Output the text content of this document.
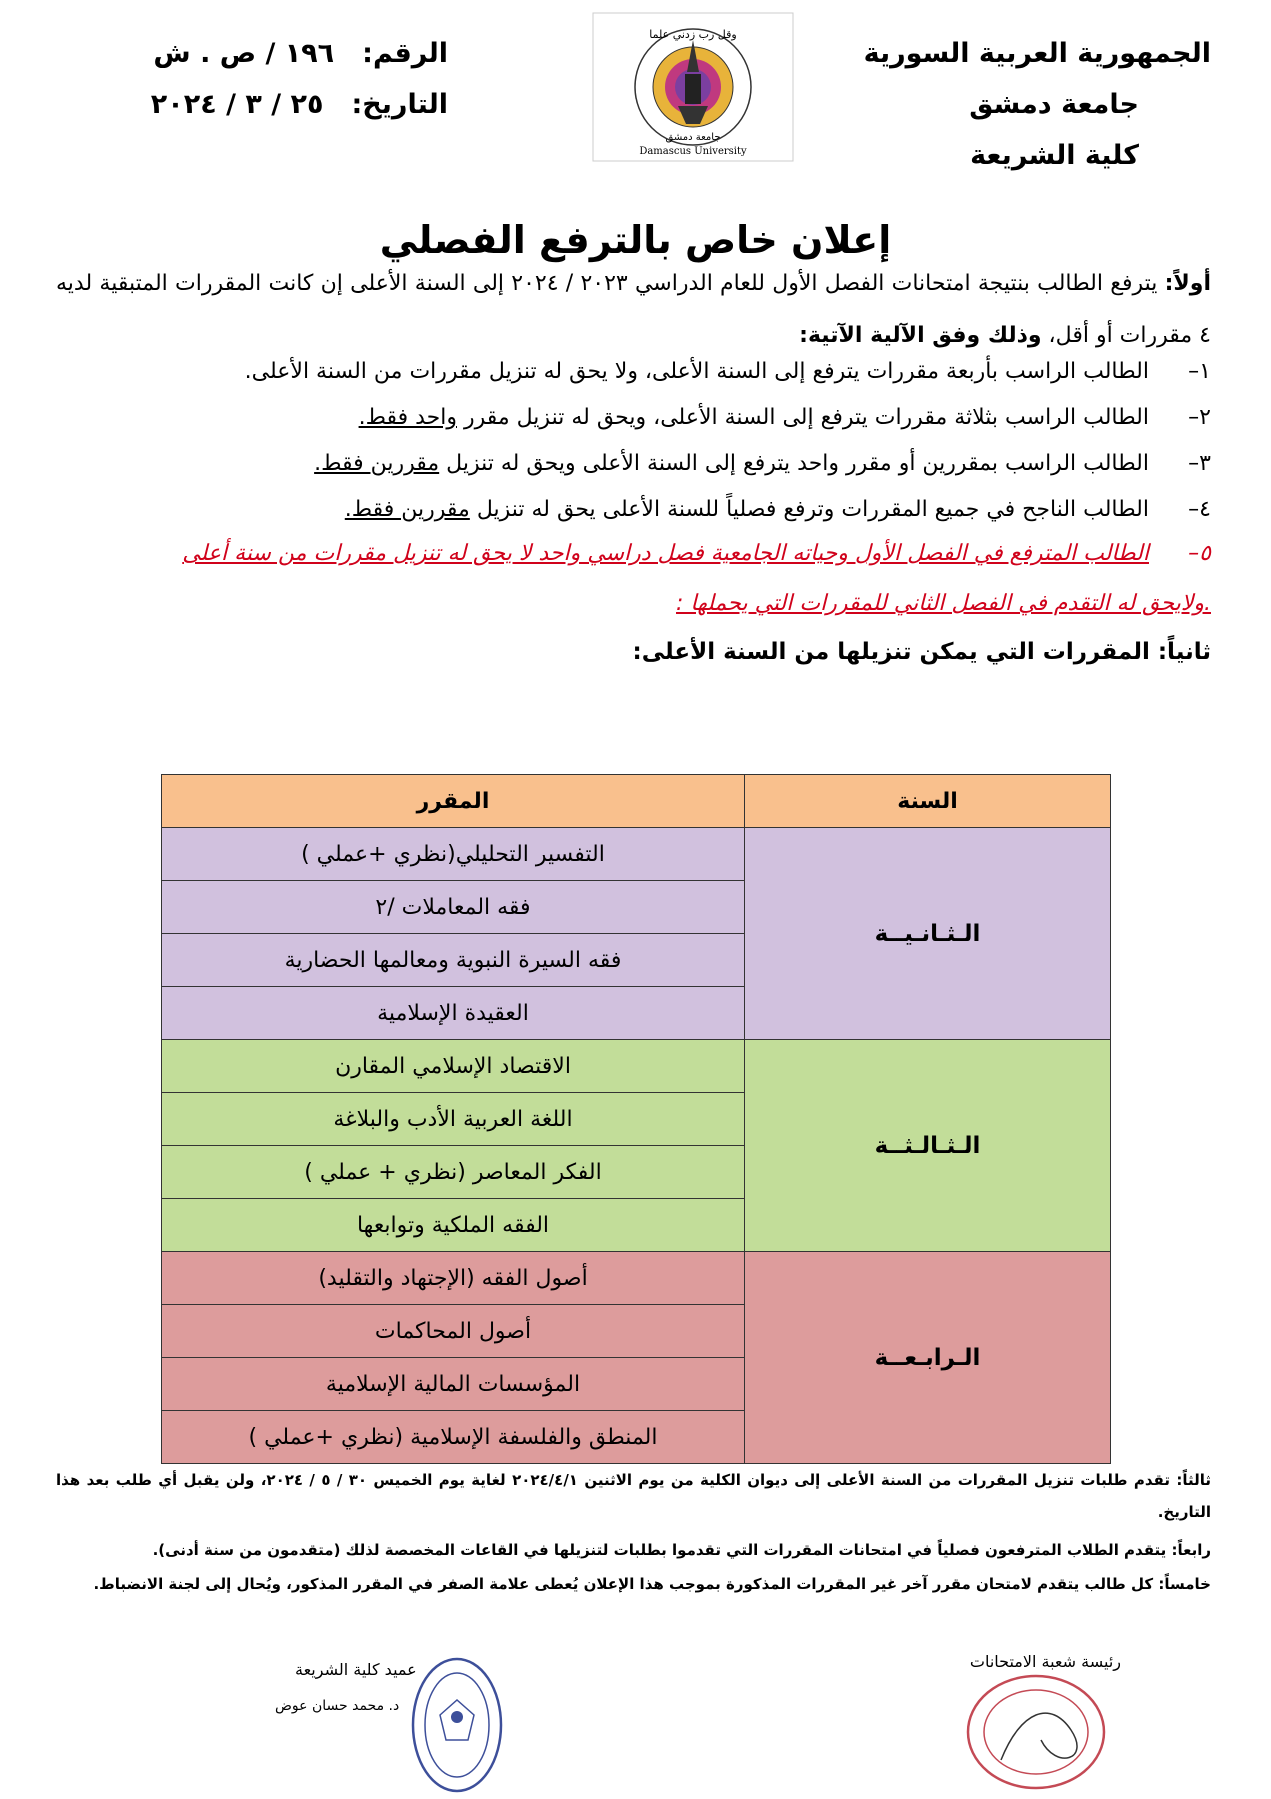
الجمهورية العربية السورية
جامعة دمشق
كلية الشريعة
وقل رب زدني علما
جامعة دمشق
Damascus University
الرقم:
١٩٦ / ص . ش
التاريخ:
٢٥ / ٣ / ٢٠٢٤
إعلان خاص بالترفع الفصلي
أولاً: يترفع الطالب بنتيجة امتحانات الفصل الأول للعام الدراسي ٢٠٢٣ / ٢٠٢٤ إلى السنة الأعلى إن كانت المقررات المتبقية لديه ٤ مقررات أو أقل، وذلك وفق الآلية الآتية:
١–الطالب الراسب بأربعة مقررات يترفع إلى السنة الأعلى، ولا يحق له تنزيل مقررات من السنة الأعلى.
٢–الطالب الراسب بثلاثة مقررات يترفع إلى السنة الأعلى، ويحق له تنزيل مقرر واحد فقط.
٣–الطالب الراسب بمقررين أو مقرر واحد يترفع إلى السنة الأعلى ويحق له تنزيل مقررين فقط.
٤–الطالب الناجح في جميع المقررات وترفع فصلياً للسنة الأعلى يحق له تنزيل مقررين فقط.
٥–الطالب المترفع في الفصل الأول وحياته الجامعية فصل دراسي واحد لا يحق له تنزيل مقررات من سنة أعلى
.ولايحق له التقدم في الفصل الثاني للمقررات التي يحملها :
ثانياً: المقررات التي يمكن تنزيلها من السنة الأعلى:
السنة	المقرر
الـثـانـيــة	التفسير التحليلي(نظري +عملي )
	فقه المعاملات /٢
	فقه السيرة النبوية ومعالمها الحضارية
	العقيدة الإسلامية
الـثـالـثــة	الاقتصاد الإسلامي المقارن
	اللغة العربية الأدب والبلاغة
	الفكر المعاصر (نظري + عملي )
	الفقه الملكية وتوابعها
الـرابـعــة	أصول الفقه (الإجتهاد والتقليد)
	أصول المحاكمات
	المؤسسات المالية الإسلامية
	المنطق والفلسفة الإسلامية (نظري +عملي )
ثالثاً: تقدم طلبات تنزيل المقررات من السنة الأعلى إلى ديوان الكلية من يوم الاثنين ٢٠٢٤/٤/١ لغاية يوم الخميس ٣٠ / ٥ / ٢٠٢٤، ولن يقبل أي طلب بعد هذا التاريخ.
رابعاً: يتقدم الطلاب المترفعون فصلياً في امتحانات المقررات التي تقدموا بطلبات لتنزيلها في القاعات المخصصة لذلك (متقدمون من سنة أدنى).
خامساً: كل طالب يتقدم لامتحان مقرر آخر غير المقررات المذكورة بموجب هذا الإعلان يُعطى علامة الصفر في المقرر المذكور، ويُحال إلى لجنة الانضباط.
رئيسة شعبة الامتحانات
عميد كلية الشريعة
د. محمد حسان عوض
